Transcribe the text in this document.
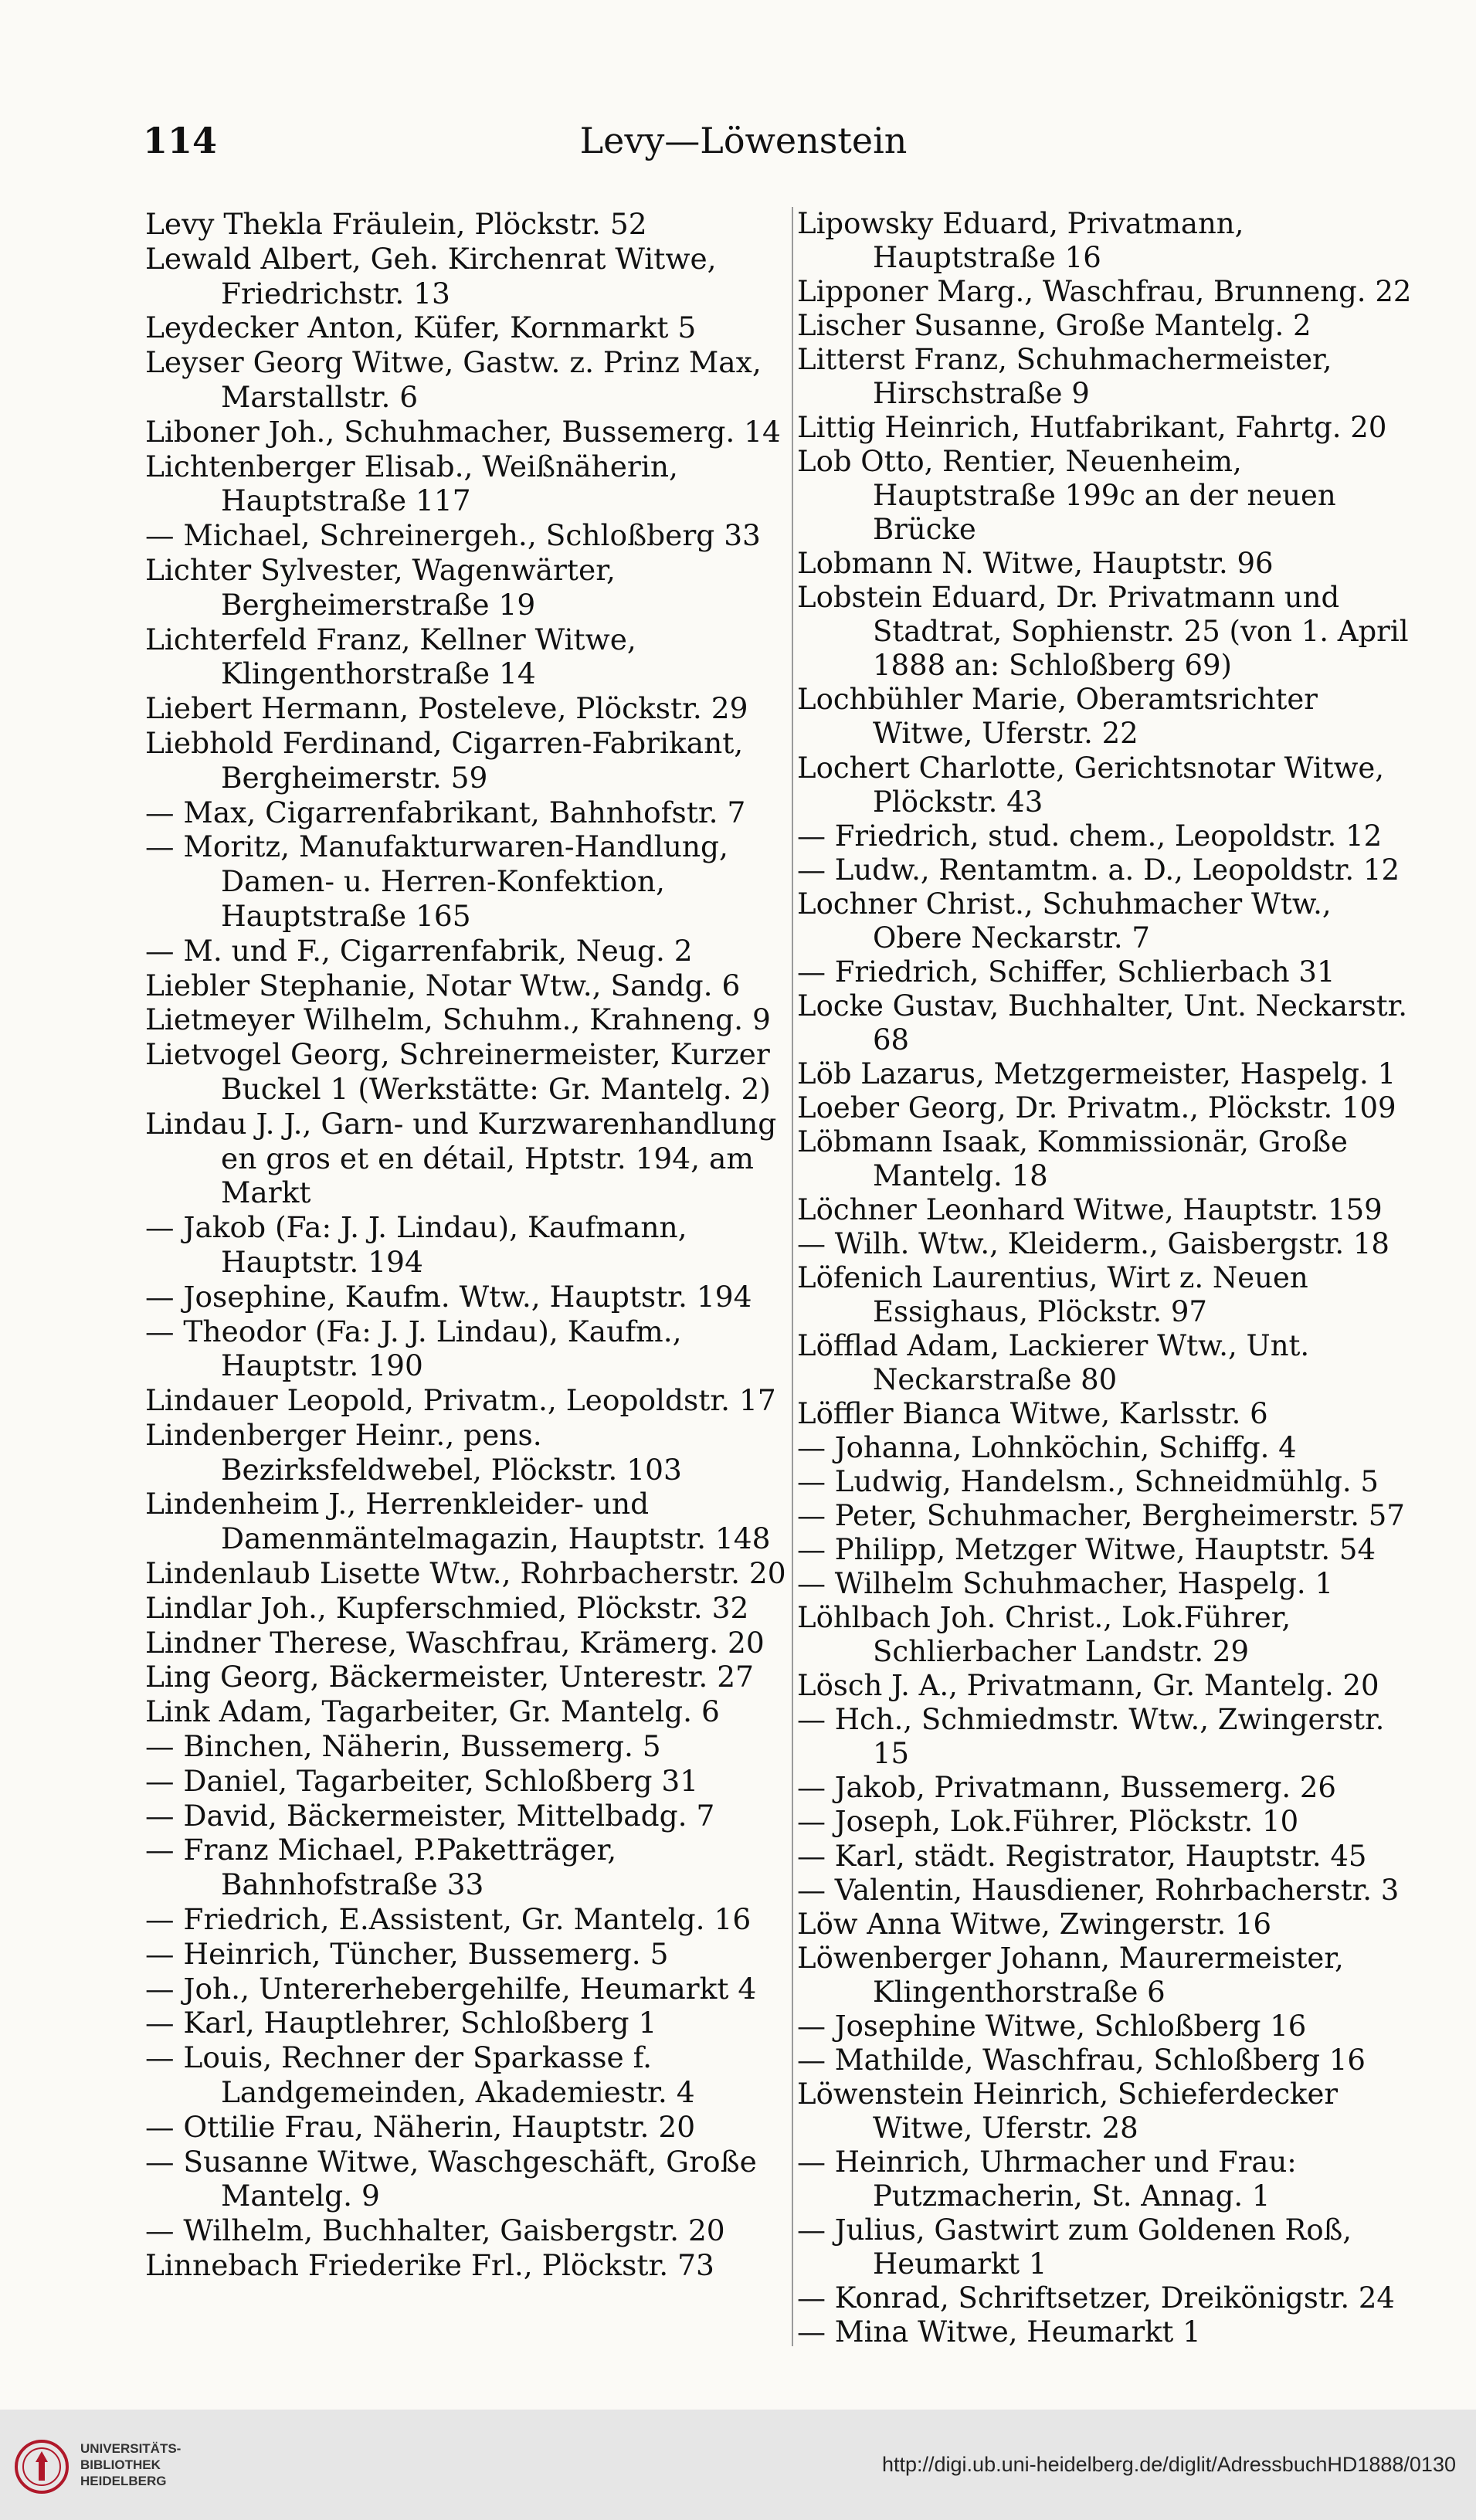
Levy—Löwenstein
114

Levy Thekla Fräulein, Plöckstr. 52

Lewald Albert, Geh. Kirchenrat Witwe, Friedrichstr. 13

Leydecker Anton, Küfer, Kornmarkt 5

Leyser Georg Witwe, Gastw. z. Prinz Max, Marstallstr. 6

Liboner Joh., Schuhmacher, Bussemerg. 14

Lichtenberger Elisab., Weißnäherin, Hauptstraße 117

— Michael, Schreinergeh., Schloßberg 33

Lichter Sylvester, Wagenwärter, Bergheimerstraße 19

Lichterfeld Franz, Kellner Witwe, Klingenthorstraße 14

Liebert Hermann, Posteleve, Plöckstr. 29

Liebhold Ferdinand, Cigarren-Fabrikant, Bergheimerstr. 59

— Max, Cigarrenfabrikant, Bahnhofstr. 7

— Moritz, Manufakturwaren-Handlung, Damen- u. Herren-Konfektion, Hauptstraße 165

— M. und F., Cigarrenfabrik, Neug. 2

Liebler Stephanie, Notar Wtw., Sandg. 6

Lietmeyer Wilhelm, Schuhm., Krahneng. 9

Lietvogel Georg, Schreinermeister, Kurzer Buckel 1 (Werkstätte: Gr. Mantelg. 2)

Lindau J. J., Garn- und Kurzwarenhandlung en gros et en détail, Hptstr. 194, am Markt

— Jakob (Fa: J. J. Lindau), Kaufmann, Hauptstr. 194

— Josephine, Kaufm. Wtw., Hauptstr. 194

— Theodor (Fa: J. J. Lindau), Kaufm., Hauptstr. 190

Lindauer Leopold, Privatm., Leopoldstr. 17

Lindenberger Heinr., pens. Bezirksfeldwebel, Plöckstr. 103

Lindenheim J., Herrenkleider- und Damenmäntelmagazin, Hauptstr. 148

Lindenlaub Lisette Wtw., Rohrbacherstr. 20

Lindlar Joh., Kupferschmied, Plöckstr. 32

Lindner Therese, Waschfrau, Krämerg. 20

Ling Georg, Bäckermeister, Unterestr. 27

Link Adam, Tagarbeiter, Gr. Mantelg. 6

— Binchen, Näherin, Bussemerg. 5

— Daniel, Tagarbeiter, Schloßberg 31

— David, Bäckermeister, Mittelbadg. 7

— Franz Michael, P.Paketträger, Bahnhofstraße 33

— Friedrich, E.Assistent, Gr. Mantelg. 16

— Heinrich, Tüncher, Bussemerg. 5

— Joh., Untererhebergehilfe, Heumarkt 4

— Karl, Hauptlehrer, Schloßberg 1

— Louis, Rechner der Sparkasse f. Landgemeinden, Akademiestr. 4

— Ottilie Frau, Näherin, Hauptstr. 20

— Susanne Witwe, Waschgeschäft, Große Mantelg. 9

— Wilhelm, Buchhalter, Gaisbergstr. 20

Linnebach Friederike Frl., Plöckstr. 73

Lipowsky Eduard, Privatmann, Hauptstraße 16

Lipponer Marg., Waschfrau, Brunneng. 22

Lischer Susanne, Große Mantelg. 2

Litterst Franz, Schuhmachermeister, Hirschstraße 9

Littig Heinrich, Hutfabrikant, Fahrtg. 20

Lob Otto, Rentier, Neuenheim, Hauptstraße 199c an der neuen Brücke

Lobmann N. Witwe, Hauptstr. 96

Lobstein Eduard, Dr. Privatmann und Stadtrat, Sophienstr. 25 (von 1. April 1888 an: Schloßberg 69)

Lochbühler Marie, Oberamtsrichter Witwe, Uferstr. 22

Lochert Charlotte, Gerichtsnotar Witwe, Plöckstr. 43

— Friedrich, stud. chem., Leopoldstr. 12

— Ludw., Rentamtm. a. D., Leopoldstr. 12

Lochner Christ., Schuhmacher Wtw., Obere Neckarstr. 7

— Friedrich, Schiffer, Schlierbach 31

Locke Gustav, Buchhalter, Unt. Neckarstr. 68

Löb Lazarus, Metzgermeister, Haspelg. 1

Loeber Georg, Dr. Privatm., Plöckstr. 109

Löbmann Isaak, Kommissionär, Große Mantelg. 18

Löchner Leonhard Witwe, Hauptstr. 159

— Wilh. Wtw., Kleiderm., Gaisbergstr. 18

Löfenich Laurentius, Wirt z. Neuen Essighaus, Plöckstr. 97

Löfflad Adam, Lackierer Wtw., Unt. Neckarstraße 80

Löffler Bianca Witwe, Karlsstr. 6

— Johanna, Lohnköchin, Schiffg. 4

— Ludwig, Handelsm., Schneidmühlg. 5

— Peter, Schuhmacher, Bergheimerstr. 57

— Philipp, Metzger Witwe, Hauptstr. 54

— Wilhelm Schuhmacher, Haspelg. 1

Löhlbach Joh. Christ., Lok.Führer, Schlierbacher Landstr. 29

Lösch J. A., Privatmann, Gr. Mantelg. 20

— Hch., Schmiedmstr. Wtw., Zwingerstr. 15

— Jakob, Privatmann, Bussemerg. 26

— Joseph, Lok.Führer, Plöckstr. 10

— Karl, städt. Registrator, Hauptstr. 45

— Valentin, Hausdiener, Rohrbacherstr. 3

Löw Anna Witwe, Zwingerstr. 16

Löwenberger Johann, Maurermeister, Klingenthorstraße 6

— Josephine Witwe, Schloßberg 16

— Mathilde, Waschfrau, Schloßberg 16

Löwenstein Heinrich, Schieferdecker Witwe, Uferstr. 28

— Heinrich, Uhrmacher und Frau: Putzmacherin, St. Annag. 1

— Julius, Gastwirt zum Goldenen Roß, Heumarkt 1

— Konrad, Schriftsetzer, Dreikönigstr. 24

— Mina Witwe, Heumarkt 1

UNIVERSITÄTS-
BIBLIOTHEK
HEIDELBERG
http://digi.ub.uni-heidelberg.de/diglit/AdressbuchHD1888/0130
